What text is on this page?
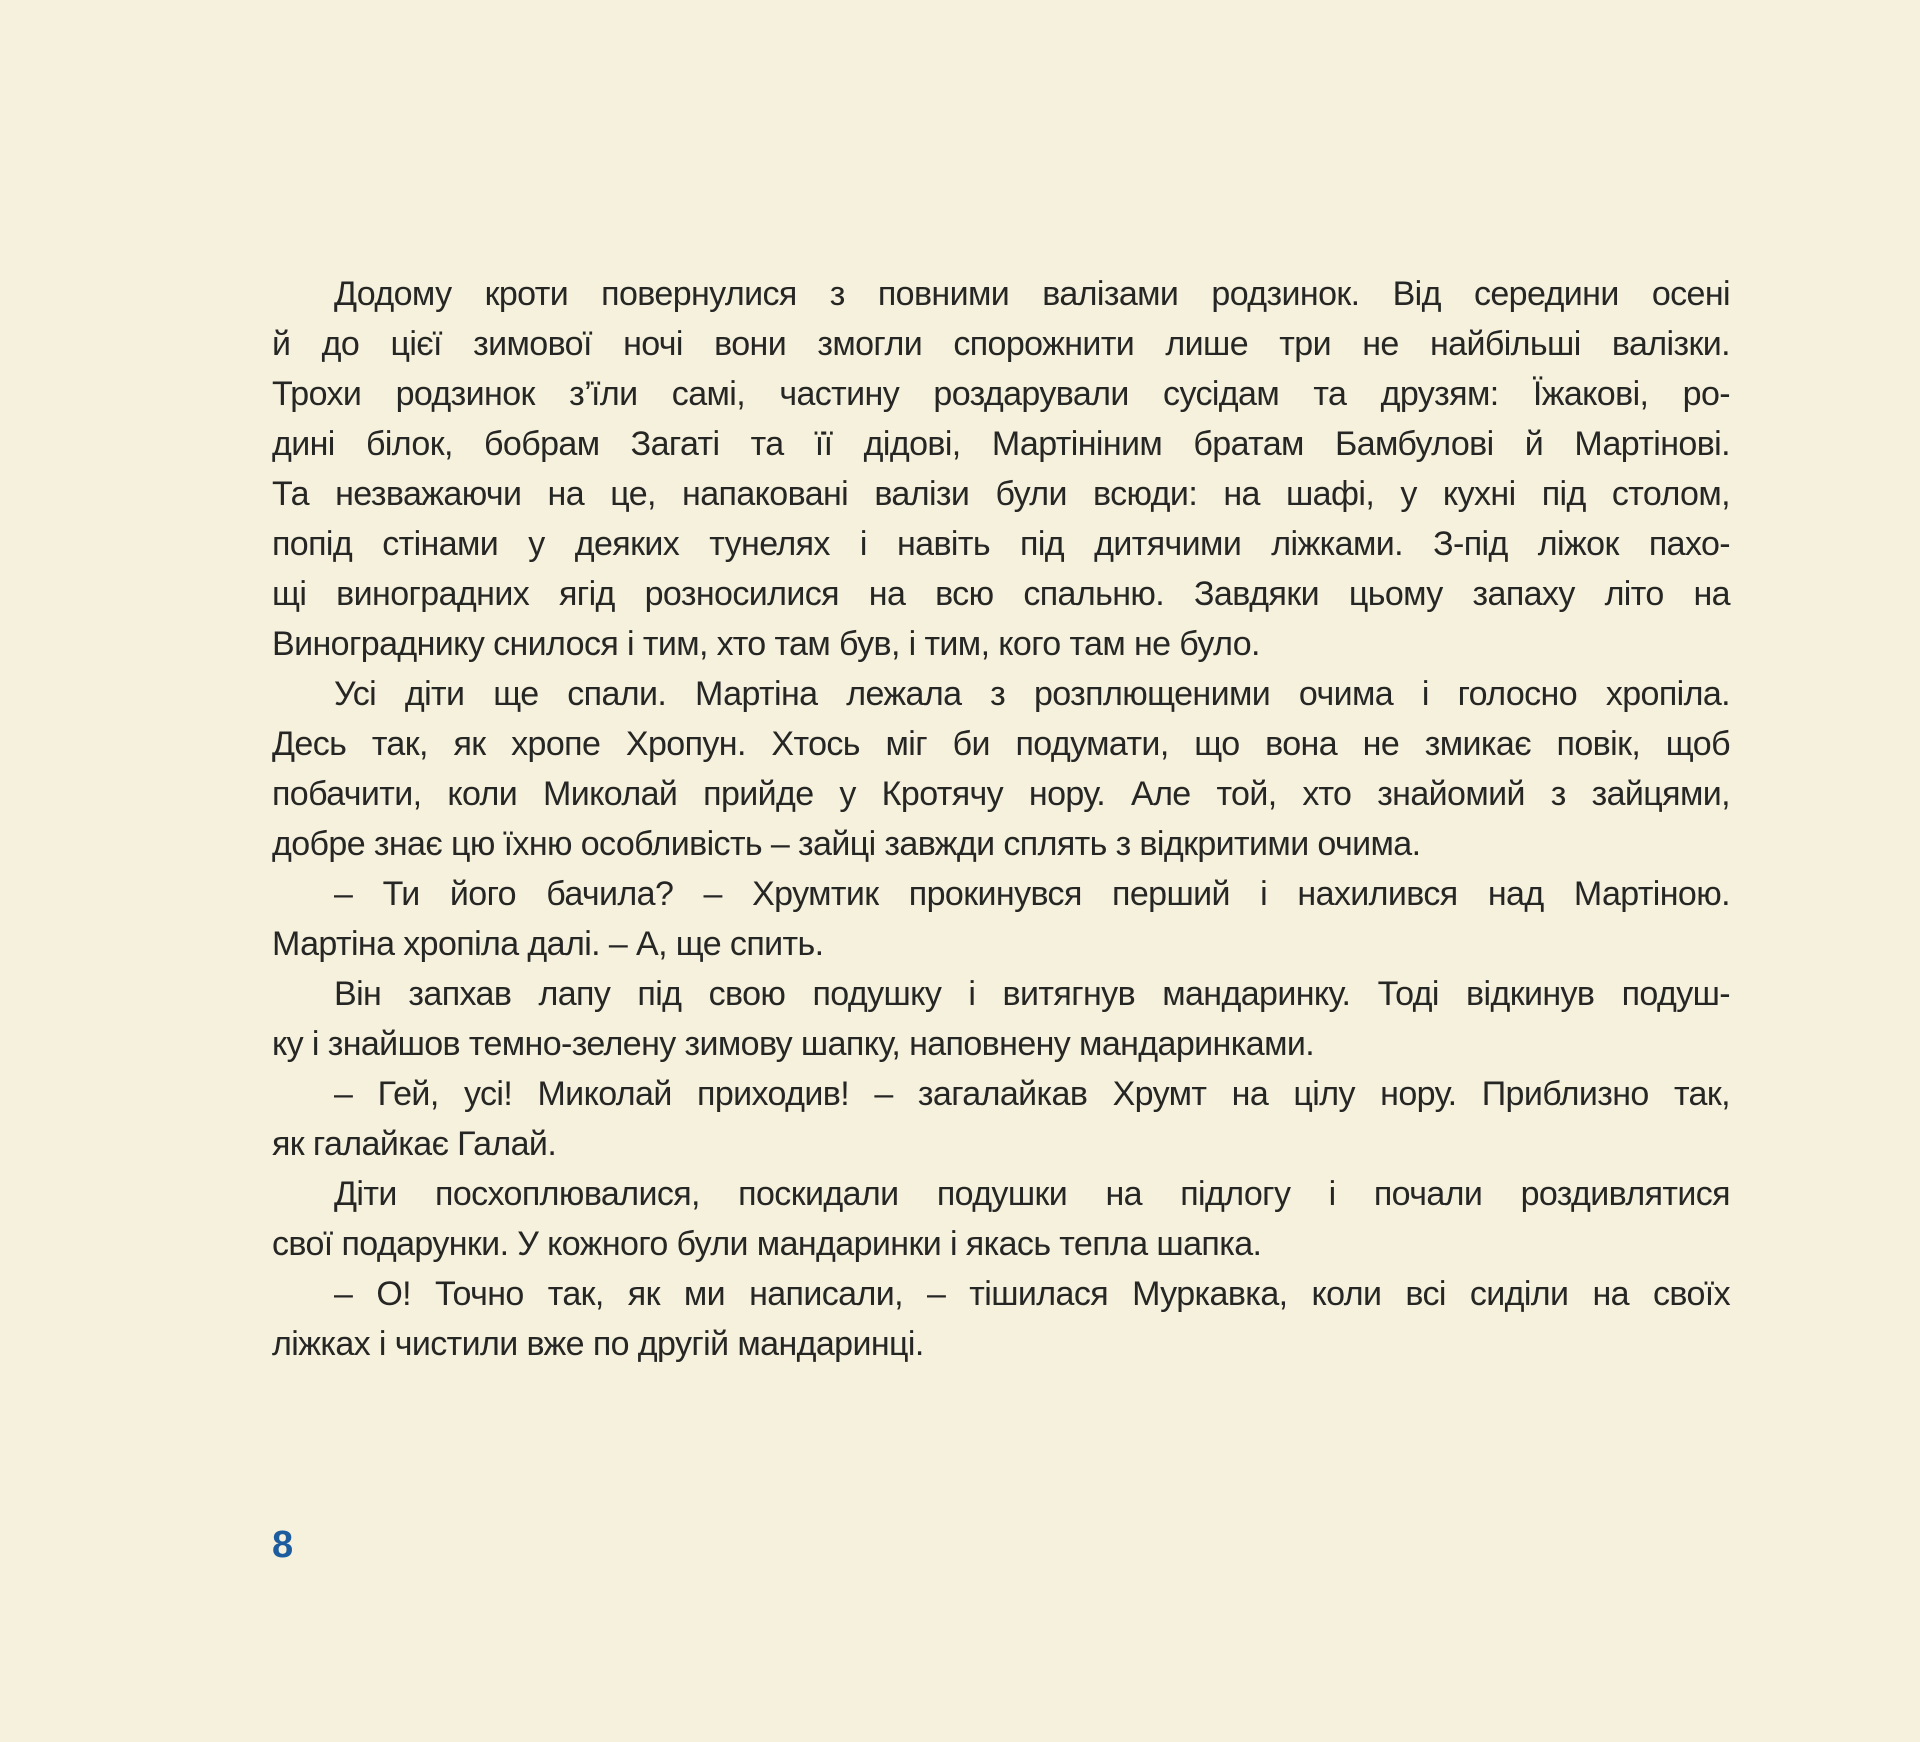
Додому кроти повернулися з повними валізами родзинок. Від середини осені
й до цієї зимової ночі вони змогли спорожнити лише три не найбільші валізки.
Трохи родзинок з’їли самі, частину роздарували сусідам та друзям: Їжакові, ро-
дині білок, бобрам Загаті та її дідові, Мартініним братам Бамбулові й Мартінові.
Та незважаючи на це, напаковані валізи були всюди: на шафі, у кухні під столом,
попід стінами у деяких тунелях і навіть під дитячими ліжками. З-під ліжок пахо-
щі виноградних ягід розносилися на всю спальню. Завдяки цьому запаху літо на
Винограднику снилося і тим, хто там був, і тим, кого там не було.
Усі діти ще спали. Мартіна лежала з розплющеними очима і голосно хропіла.
Десь так, як хропе Хропун. Хтось міг би подумати, що вона не змикає повік, щоб
побачити, коли Миколай прийде у Кротячу нору. Але той, хто знайомий з зайцями,
добре знає цю їхню особливість – зайці завжди сплять з відкритими очима.
– Ти його бачила? – Хрумтик прокинувся перший і нахилився над Мартіною.
Мартіна хропіла далі. – А, ще спить.
Він запхав лапу під свою подушку і витягнув мандаринку. Тоді відкинув подуш-
ку і знайшов темно-зелену зимову шапку, наповнену мандаринками.
– Гей, усі! Миколай приходив! – загалайкав Хрумт на цілу нору. Приблизно так,
як галайкає Галай.
Діти посхоплювалися, поскидали подушки на підлогу і почали роздивлятися
свої подарунки. У кожного були мандаринки і якась тепла шапка.
– О! Точно так, як ми написали, – тішилася Муркавка, коли всі сиділи на своїх
ліжках і чистили вже по другій мандаринці.
8
